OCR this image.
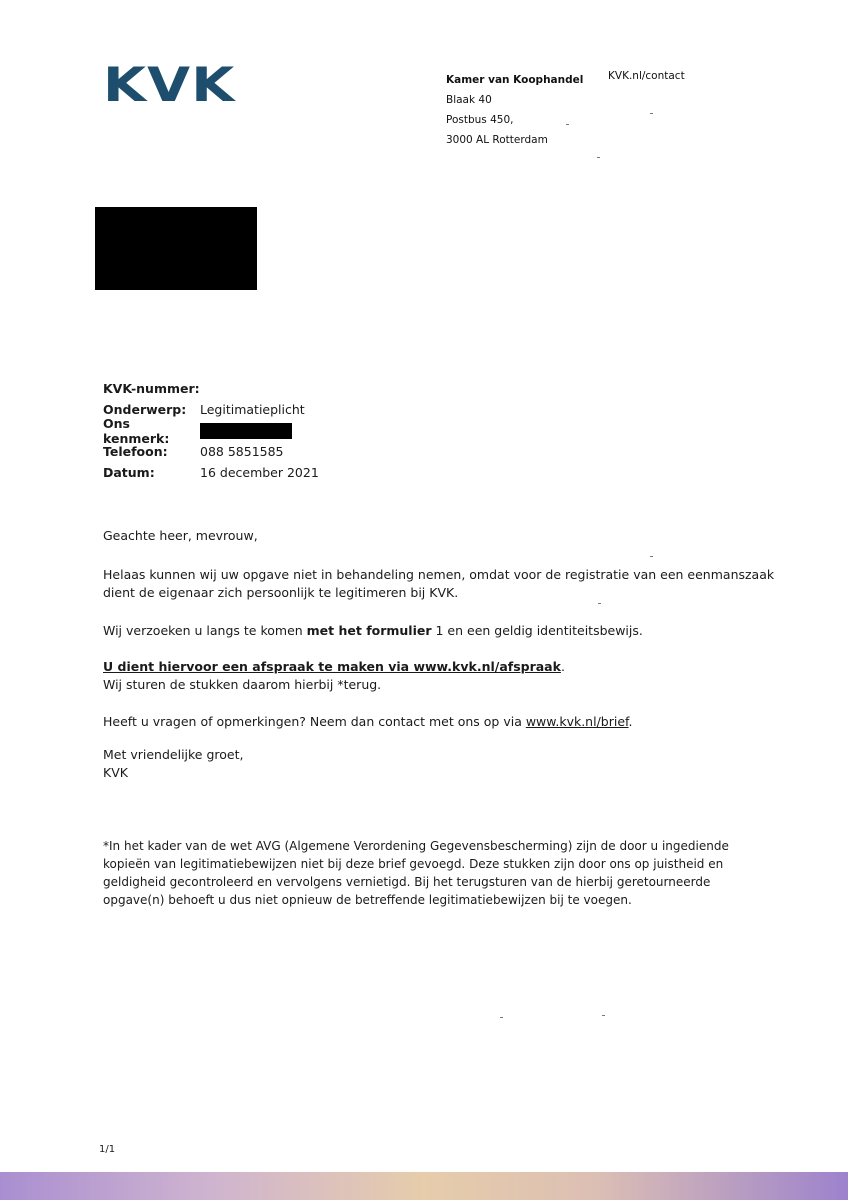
KVK	Kamer van Koophandel
Blaak 40
Postbus 450,
3000 AL Rotterdam
KVK.nl/contact
KVK-nummer:
Onderwerp:	Legitimatieplicht
Ons kenmerk:
Telefoon:	088 5851585
Datum:	16 december 2021
Geachte heer, mevrouw,
Helaas kunnen wij uw opgave niet in behandeling nemen, omdat voor de registratie van een eenmanszaak dient de eigenaar zich persoonlijk te legitimeren bij KVK.
Wij verzoeken u langs te komen met het formulier 1 en een geldig identiteitsbewijs.
U dient hiervoor een afspraak te maken via www.kvk.nl/afspraak.
Wij sturen de stukken daarom hierbij *terug.
Heeft u vragen of opmerkingen? Neem dan contact met ons op via www.kvk.nl/brief.
Met vriendelijke groet,
KVK
*In het kader van de wet AVG (Algemene Verordening Gegevensbescherming) zijn de door u ingediende kopieën van legitimatiebewijzen niet bij deze brief gevoegd. Deze stukken zijn door ons op juistheid en geldigheid gecontroleerd en vervolgens vernietigd. Bij het terugsturen van de hierbij geretourneerde opgave(n) behoeft u dus niet opnieuw de betreffende legitimatiebewijzen bij te voegen.
1/1
